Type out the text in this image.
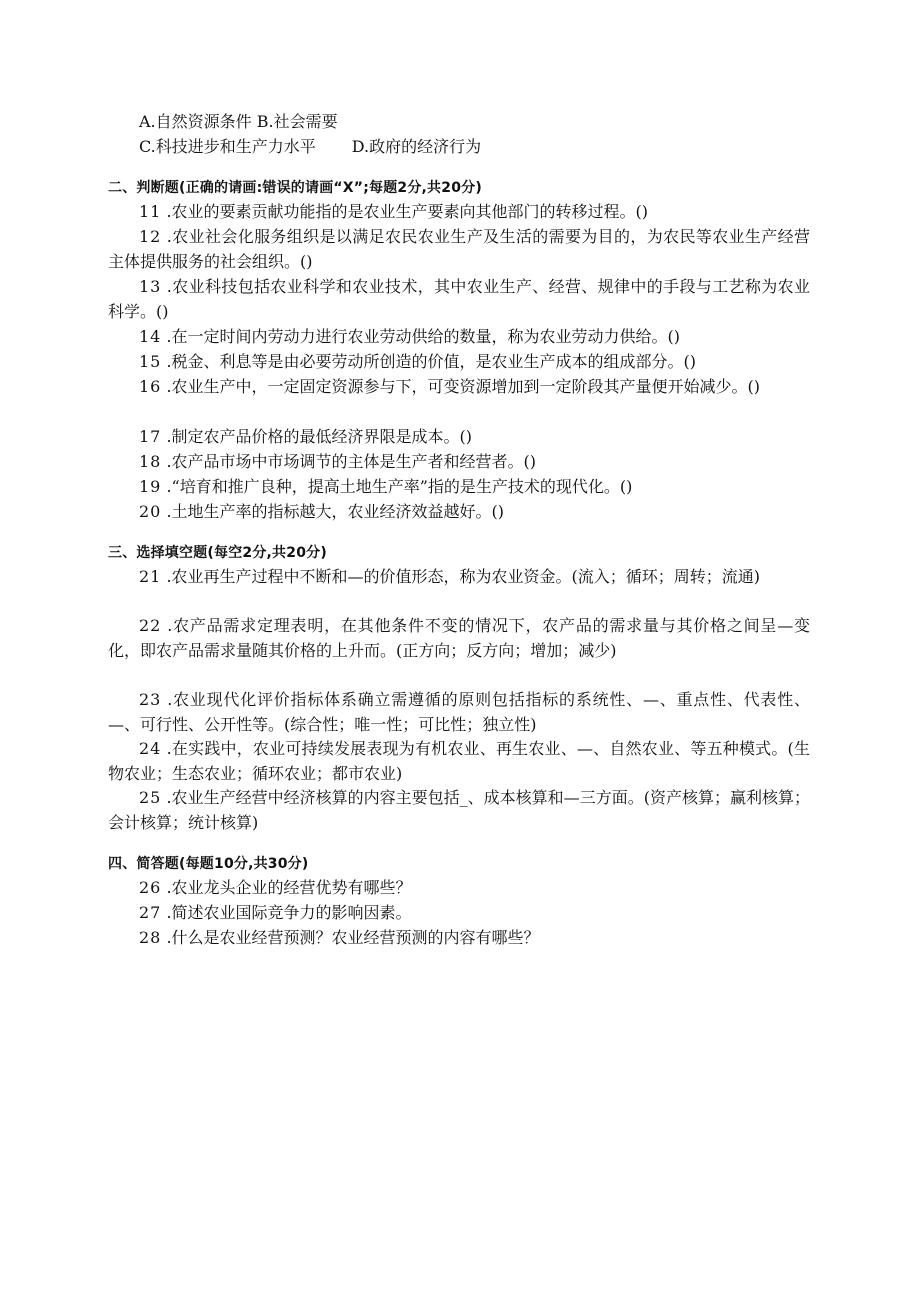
A.自然资源条件 B.社会需要
C.科技进步和生产力水平 D.政府的经济行为
二、判断题(正确的请画:错误的请画“X”;每题2分,共20分)
11 .农业的要素贡献功能指的是农业生产要素向其他部门的转移过程。()
12 .农业社会化服务组织是以满足农民农业生产及生活的需要为目的，为农民等农业生产经营主体提供服务的社会组织。()
13 .农业科技包括农业科学和农业技术，其中农业生产、经营、规律中的手段与工艺称为农业科学。()
14 .在一定时间内劳动力进行农业劳动供给的数量，称为农业劳动力供给。()
15 .税金、利息等是由必要劳动所创造的价值，是农业生产成本的组成部分。()
16 .农业生产中，一定固定资源参与下，可变资源增加到一定阶段其产量便开始减少。()
17 .制定农产品价格的最低经济界限是成本。()
18 .农产品市场中市场调节的主体是生产者和经营者。()
19 .“培育和推广良种，提高土地生产率”指的是生产技术的现代化。()
20 .土地生产率的指标越大，农业经济效益越好。()
三、选择填空题(每空2分,共20分)
21 .农业再生产过程中不断和—的价值形态，称为农业资金。(流入；循环；周转；流通)
22 .农产品需求定理表明，在其他条件不变的情况下，农产品的需求量与其价格之间呈—变化，即农产品需求量随其价格的上升而。(正方向；反方向；增加；减少)
23 .农业现代化评价指标体系确立需遵循的原则包括指标的系统性、—、重点性、代表性、—、可行性、公开性等。(综合性；唯一性；可比性；独立性)
24 .在实践中，农业可持续发展表现为有机农业、再生农业、—、自然农业、等五种模式。(生物农业；生态农业；循环农业；都市农业)
25 .农业生产经营中经济核算的内容主要包括_、成本核算和—三方面。(资产核算；赢利核算；会计核算；统计核算)
四、简答题(每题10分,共30分)
26 .农业龙头企业的经营优势有哪些？
27 .简述农业国际竞争力的影响因素。
28 .什么是农业经营预测？农业经营预测的内容有哪些？
